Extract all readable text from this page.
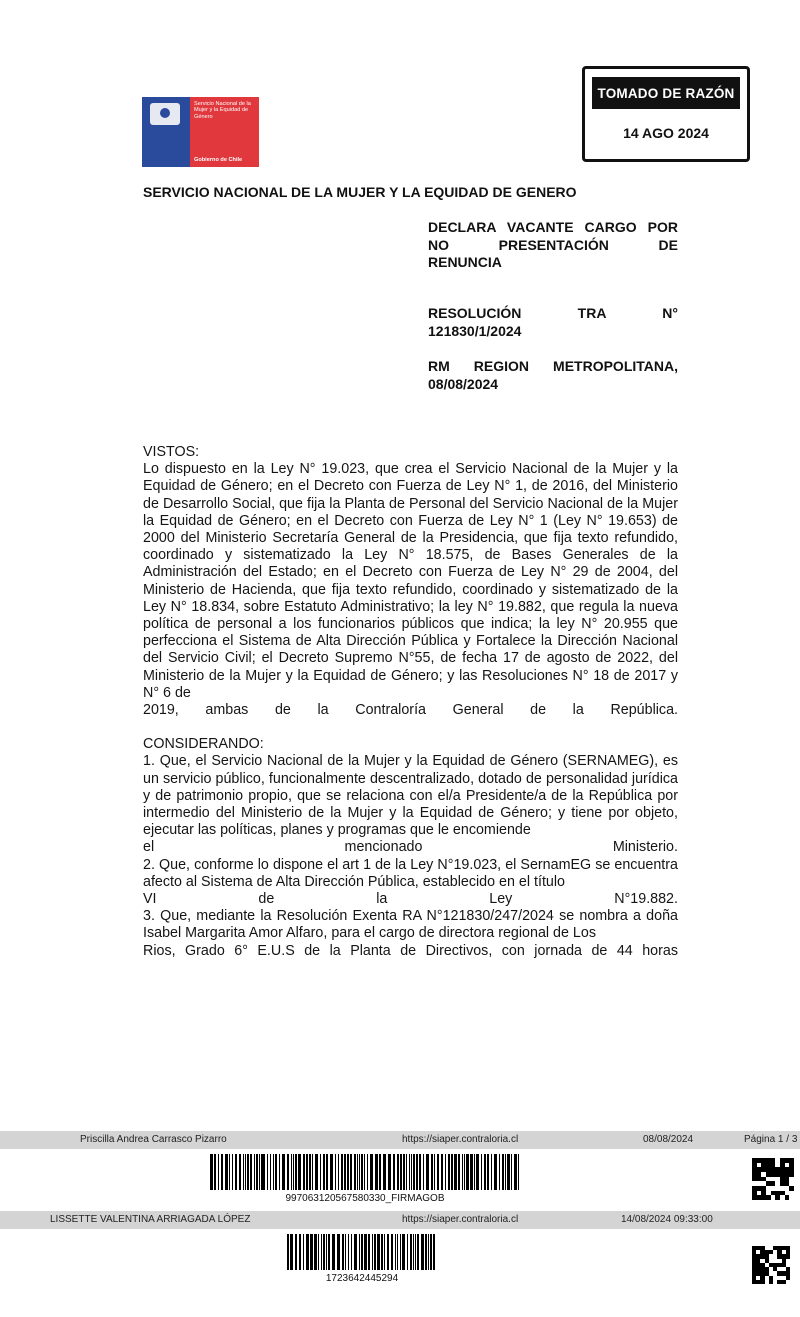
Servicio Nacional de la Mujer y la Equidad de Género
Gobierno de Chile
TOMADO DE RAZÓN
14 AGO 2024
SERVICIO NACIONAL DE LA MUJER Y LA EQUIDAD DE GENERO
DECLARA VACANTE CARGO POR
NO PRESENTACIÓN DE
RENUNCIA
RESOLUCIÓN TRA N°
121830/1/2024
RM REGION METROPOLITANA,
08/08/2024

VISTOS:

Lo dispuesto en la Ley N° 19.023, que crea el Servicio Nacional de la Mujer y la Equidad de Género; en el Decreto con Fuerza de Ley N° 1, de 2016, del Ministerio de Desarrollo Social, que fija la Planta de Personal del Servicio Nacional de la Mujer la Equidad de Género; en el Decreto con Fuerza de Ley N° 1 (Ley N° 19.653) de 2000 del Ministerio Secretaría General de la Presidencia, que fija texto refundido, coordinado y sistematizado la Ley N° 18.575, de Bases Generales de la Administración del Estado; en el Decreto con Fuerza de Ley N° 29 de 2004, del Ministerio de Hacienda, que fija texto refundido, coordinado y sistematizado de la Ley N° 18.834, sobre Estatuto Administrativo; la ley N° 19.882, que regula la nueva política de personal a los funcionarios públicos que indica; la ley N° 20.955 que perfecciona el Sistema de Alta Dirección Pública y Fortalece la Dirección Nacional del Servicio Civil; el Decreto Supremo N°55, de fecha 17 de agosto de 2022, del Ministerio de la Mujer y la Equidad de Género; y las Resoluciones N° 18 de 2017 y N° 6 de

2019, ambas de la Contraloría General de la República.

CONSIDERANDO:

1. Que, el Servicio Nacional de la Mujer y la Equidad de Género (SERNAMEG), es un servicio público, funcionalmente descentralizado, dotado de personalidad jurídica y de patrimonio propio, que se relaciona con el/a Presidente/a de la República por intermedio del Ministerio de la Mujer y la Equidad de Género; y tiene por objeto, ejecutar las políticas, planes y programas que le encomiende

el mencionado Ministerio.

2. Que, conforme lo dispone el art 1 de la Ley N°19.023, el SernamEG se encuentra afecto al Sistema de Alta Dirección Pública, establecido en el título

VI de la Ley N°19.882.

3. Que, mediante la Resolución Exenta RA N°121830/247/2024 se nombra a doña Isabel Margarita Amor Alfaro, para el cargo de directora regional de Los

Rios, Grado 6° E.U.S de la Planta de Directivos, con jornada de 44 horas
Priscilla Andrea Carrasco Pizarro	https://siaper.contraloria.cl	08/08/2024	Página 1 / 3
997063120567580330_FIRMAGOB
LISSETTE VALENTINA ARRIAGADA LÓPEZ	https://siaper.contraloria.cl	14/08/2024 09:33:00
1723642445294
